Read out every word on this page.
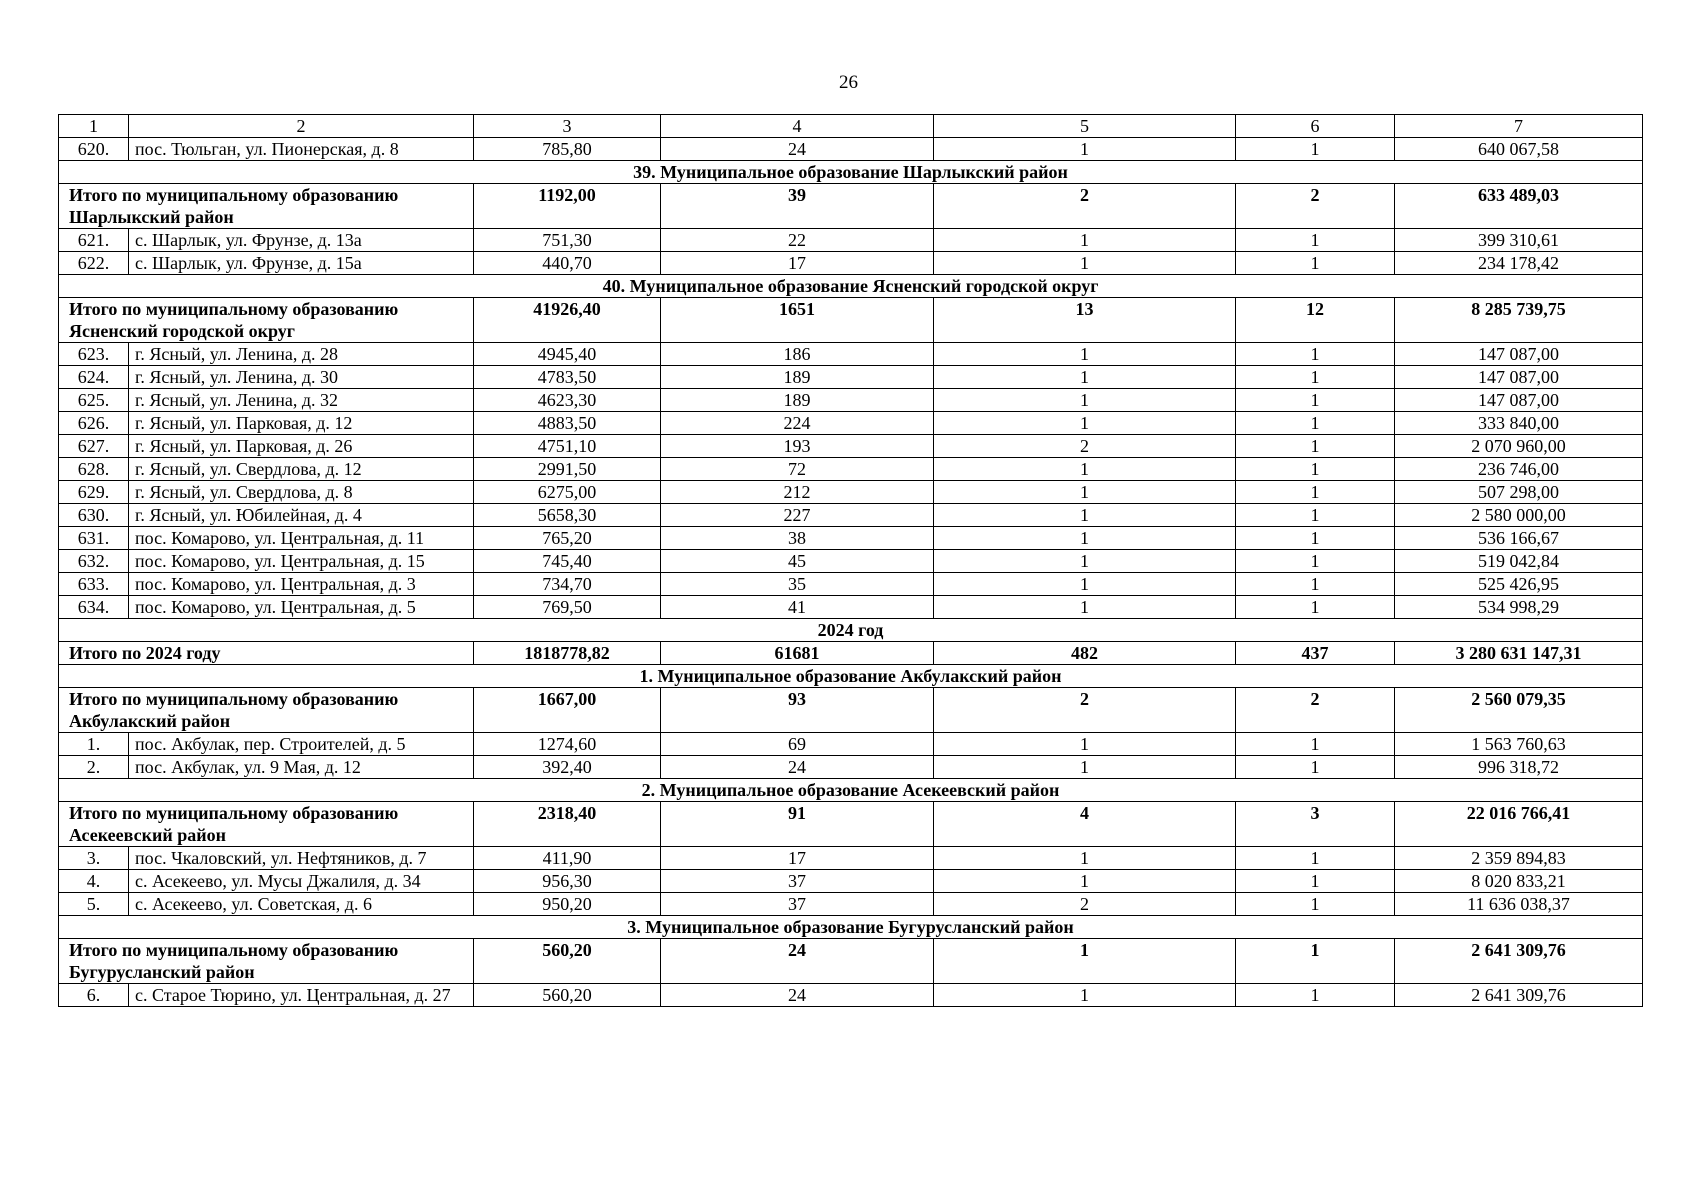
26
1	2	3	4	5	6	7
620.	пос. Тюльган, ул. Пионерская, д. 8	785,80	24	1	1	640 067,58
39. Муниципальное образование Шарлыкский район						
Итого по муниципальному образованию Шарлыкский район		1192,00	39	2	2	633 489,03
621.	с. Шарлык, ул. Фрунзе, д. 13а	751,30	22	1	1	399 310,61
622.	с. Шарлык, ул. Фрунзе, д. 15а	440,70	17	1	1	234 178,42
40. Муниципальное образование Ясненский городской округ						
Итого по муниципальному образованию Ясненский городской округ		41926,40	1651	13	12	8 285 739,75
623.	г. Ясный, ул. Ленина, д. 28	4945,40	186	1	1	147 087,00
624.	г. Ясный, ул. Ленина, д. 30	4783,50	189	1	1	147 087,00
625.	г. Ясный, ул. Ленина, д. 32	4623,30	189	1	1	147 087,00
626.	г. Ясный, ул. Парковая, д. 12	4883,50	224	1	1	333 840,00
627.	г. Ясный, ул. Парковая, д. 26	4751,10	193	2	1	2 070 960,00
628.	г. Ясный, ул. Свердлова, д. 12	2991,50	72	1	1	236 746,00
629.	г. Ясный, ул. Свердлова, д. 8	6275,00	212	1	1	507 298,00
630.	г. Ясный, ул. Юбилейная, д. 4	5658,30	227	1	1	2 580 000,00
631.	пос. Комарово, ул. Центральная, д. 11	765,20	38	1	1	536 166,67
632.	пос. Комарово, ул. Центральная, д. 15	745,40	45	1	1	519 042,84
633.	пос. Комарово, ул. Центральная, д. 3	734,70	35	1	1	525 426,95
634.	пос. Комарово, ул. Центральная, д. 5	769,50	41	1	1	534 998,29
2024 год						
Итого по 2024 году		1818778,82	61681	482	437	3 280 631 147,31
1. Муниципальное образование Акбулакский район						
Итого по муниципальному образованию Акбулакский район		1667,00	93	2	2	2 560 079,35
1.	пос. Акбулак, пер. Строителей, д. 5	1274,60	69	1	1	1 563 760,63
2.	пос. Акбулак, ул. 9 Мая, д. 12	392,40	24	1	1	996 318,72
2. Муниципальное образование Асекеевский район						
Итого по муниципальному образованию Асекеевский район		2318,40	91	4	3	22 016 766,41
3.	пос. Чкаловский, ул. Нефтяников, д. 7	411,90	17	1	1	2 359 894,83
4.	с. Асекеево, ул. Мусы Джалиля, д. 34	956,30	37	1	1	8 020 833,21
5.	с. Асекеево, ул. Советская, д. 6	950,20	37	2	1	11 636 038,37
3. Муниципальное образование Бугурусланский район						
Итого по муниципальному образованию Бугурусланский район		560,20	24	1	1	2 641 309,76
6.	с. Старое Тюрино, ул. Центральная, д. 27	560,20	24	1	1	2 641 309,76
